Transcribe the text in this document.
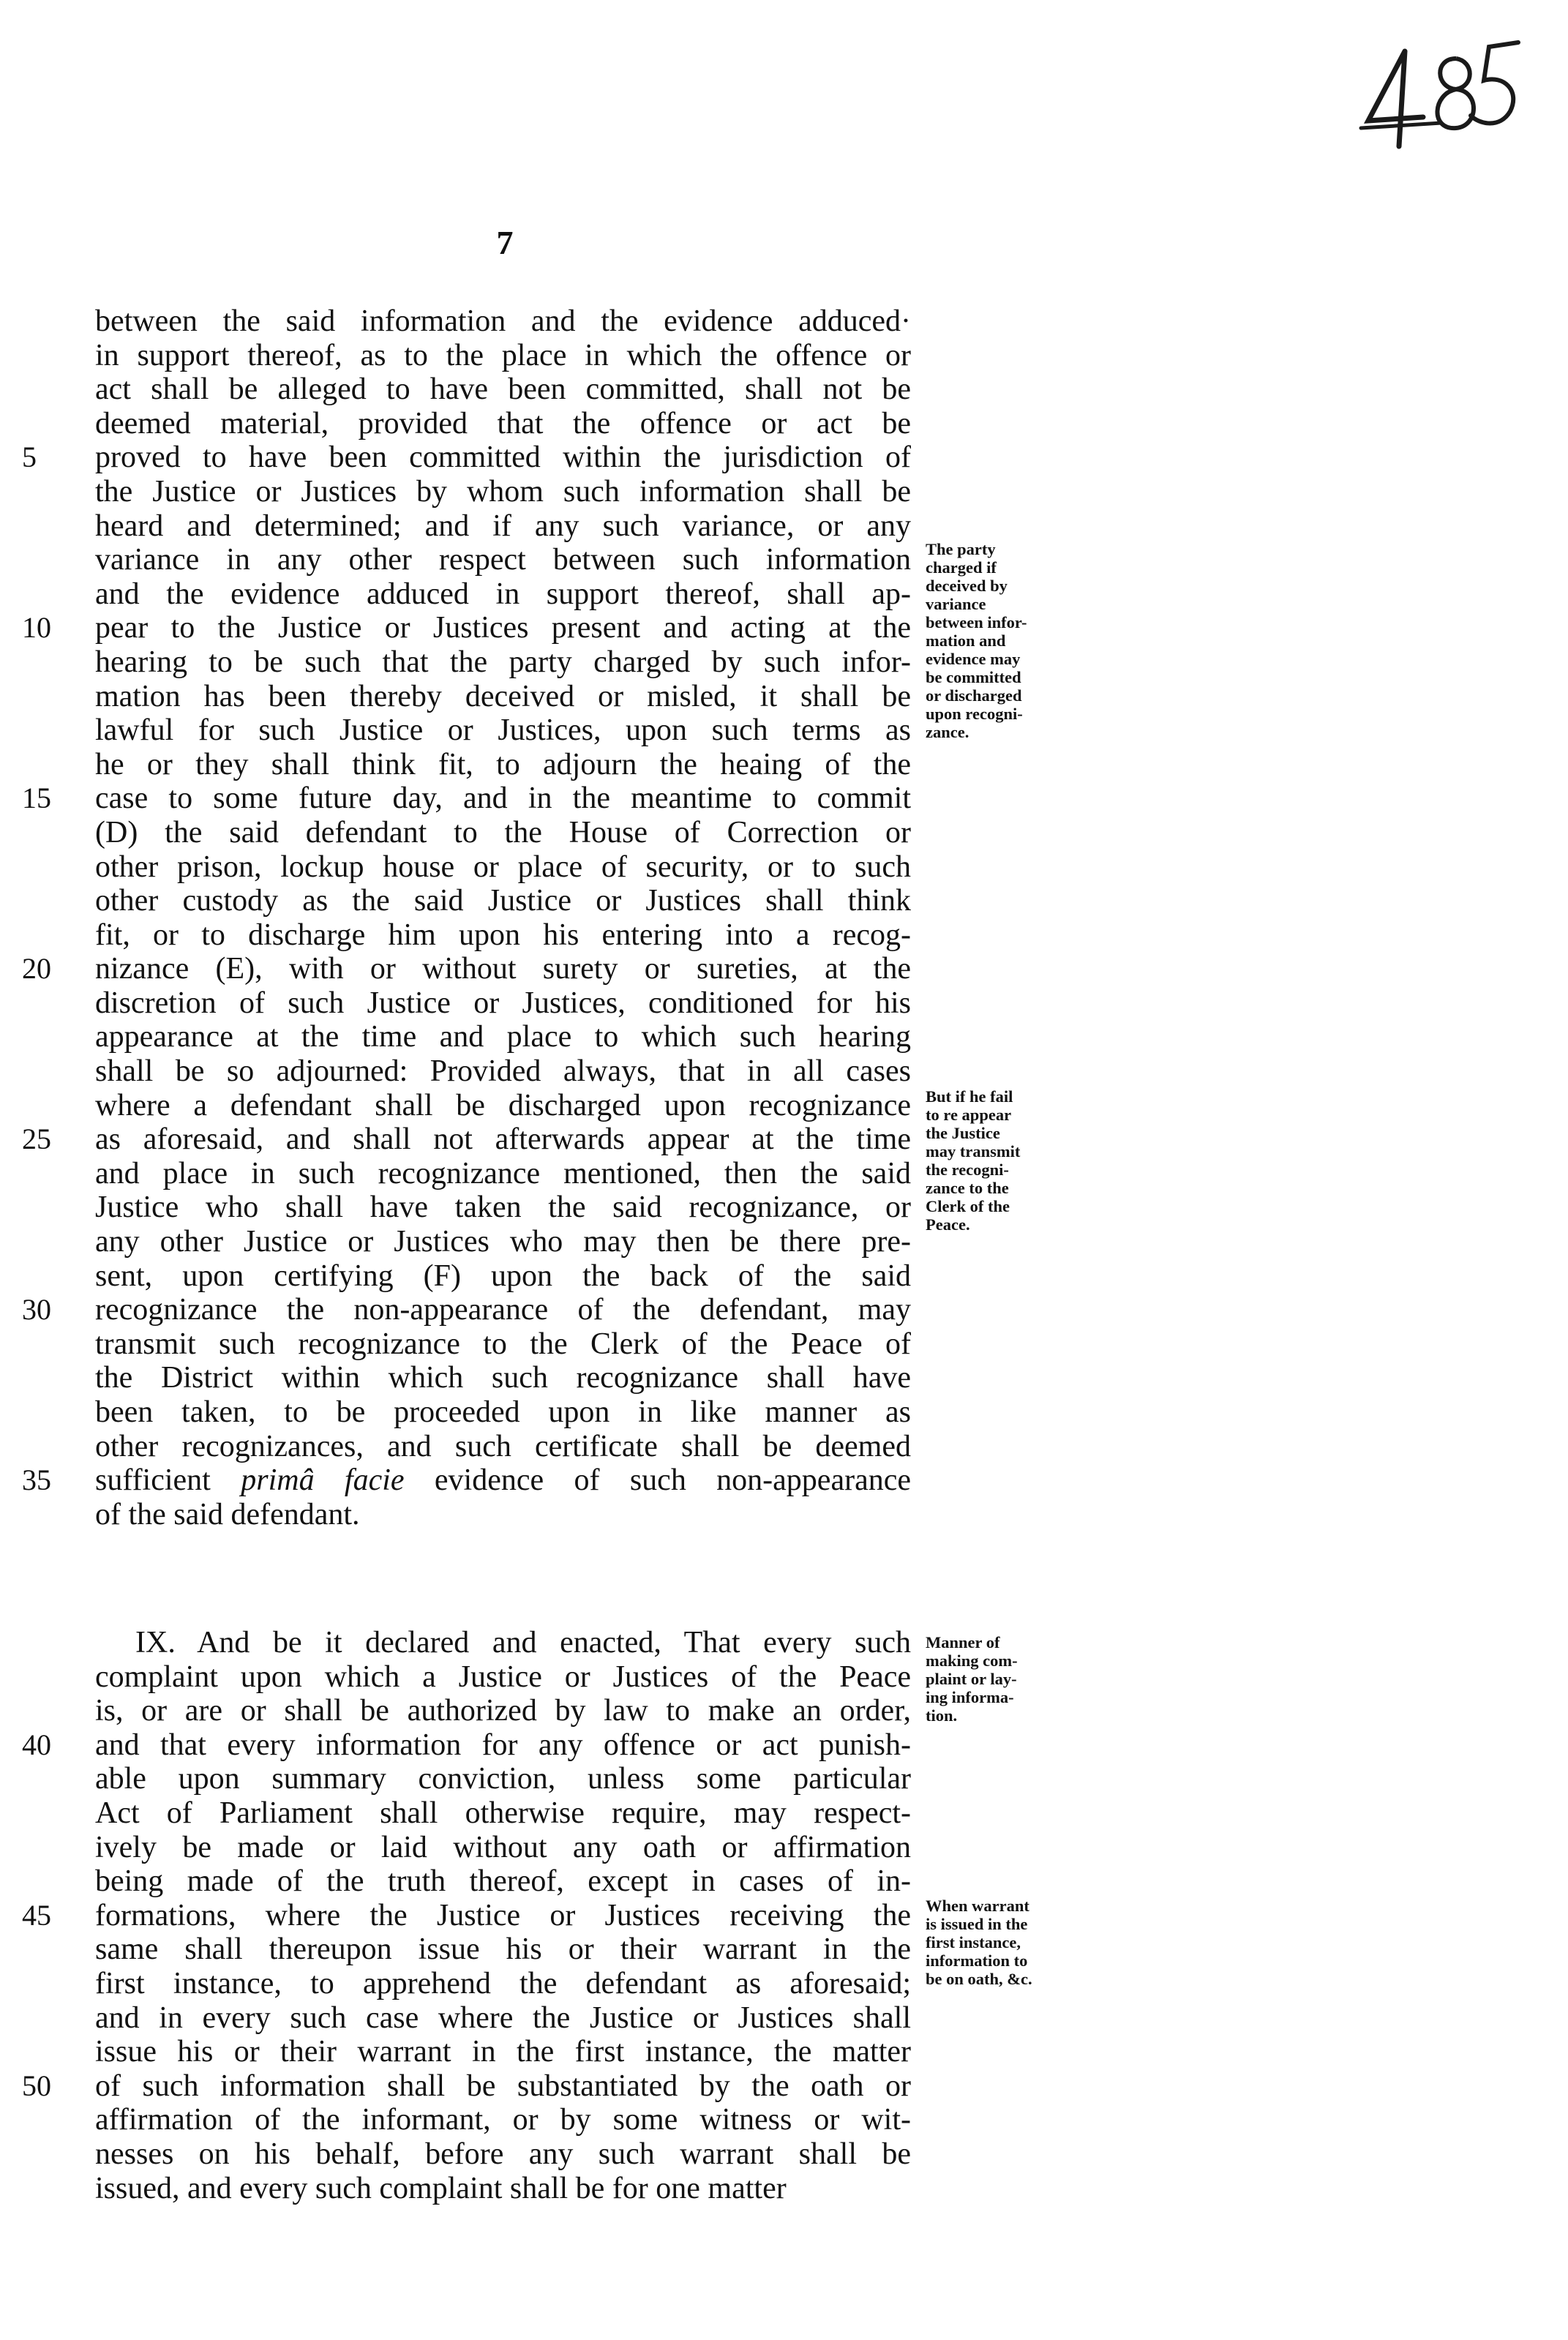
7
between the said information and the evidence adduced·
in support thereof, as to the place in which the offence or
act shall be alleged to have been committed, shall not be
deemed material, provided that the offence or act be
proved to have been committed within the jurisdiction of
the Justice or Justices by whom such information shall be
heard and determined; and if any such variance, or any
variance in any other respect between such information
and the evidence adduced in support thereof, shall ap-
pear to the Justice or Justices present and acting at the
hearing to be such that the party charged by such infor-
mation has been thereby deceived or misled, it shall be
lawful for such Justice or Justices, upon such terms as
he or they shall think fit, to adjourn the heaing of the
case to some future day, and in the meantime to commit
(D) the said defendant to the House of Correction or
other prison, lockup house or place of security, or to such
other custody as the said Justice or Justices shall think
fit, or to discharge him upon his entering into a recog-
nizance (E), with or without surety or sureties, at the
discretion of such Justice or Justices, conditioned for his
appearance at the time and place to which such hearing
shall be so adjourned: Provided always, that in all cases
where a defendant shall be discharged upon recognizance
as aforesaid, and shall not afterwards appear at the time
and place in such recognizance mentioned, then the said
Justice who shall have taken the said recognizance, or
any other Justice or Justices who may then be there pre-
sent, upon certifying (F) upon the back of the said
recognizance the non-appearance of the defendant, may
transmit such recognizance to the Clerk of the Peace of
the District within which such recognizance shall have
been taken, to be proceeded upon in like manner as
other recognizances, and such certificate shall be deemed
sufficient primâ facie evidence of such non-appearance
of the said defendant.
IX. And be it declared and enacted, That every such
complaint upon which a Justice or Justices of the Peace
is, or are or shall be authorized by law to make an order,
and that every information for any offence or act punish-
able upon summary conviction, unless some particular
Act of Parliament shall otherwise require, may respect-
ively be made or laid without any oath or affirmation
being made of the truth thereof, except in cases of in-
formations, where the Justice or Justices receiving the
same shall thereupon issue his or their warrant in the
first instance, to apprehend the defendant as aforesaid;
and in every such case where the Justice or Justices shall
issue his or their warrant in the first instance, the matter
of such information shall be substantiated by the oath or
affirmation of the informant, or by some witness or wit-
nesses on his behalf, before any such warrant shall be
issued, and every such complaint shall be for one matter
5
10
15
20
25
30
35
40
45
50
The party
charged if
deceived by
variance
between infor-
mation and
evidence may
be committed
or discharged
upon recogni-
zance.
But if he fail
to re appear
the Justice
may transmit
the recogni-
zance to the
Clerk of the
Peace.
Manner of
making com-
plaint or lay-
ing informa-
tion.
When warrant
is issued in the
first instance,
information to
be on oath, &c.
